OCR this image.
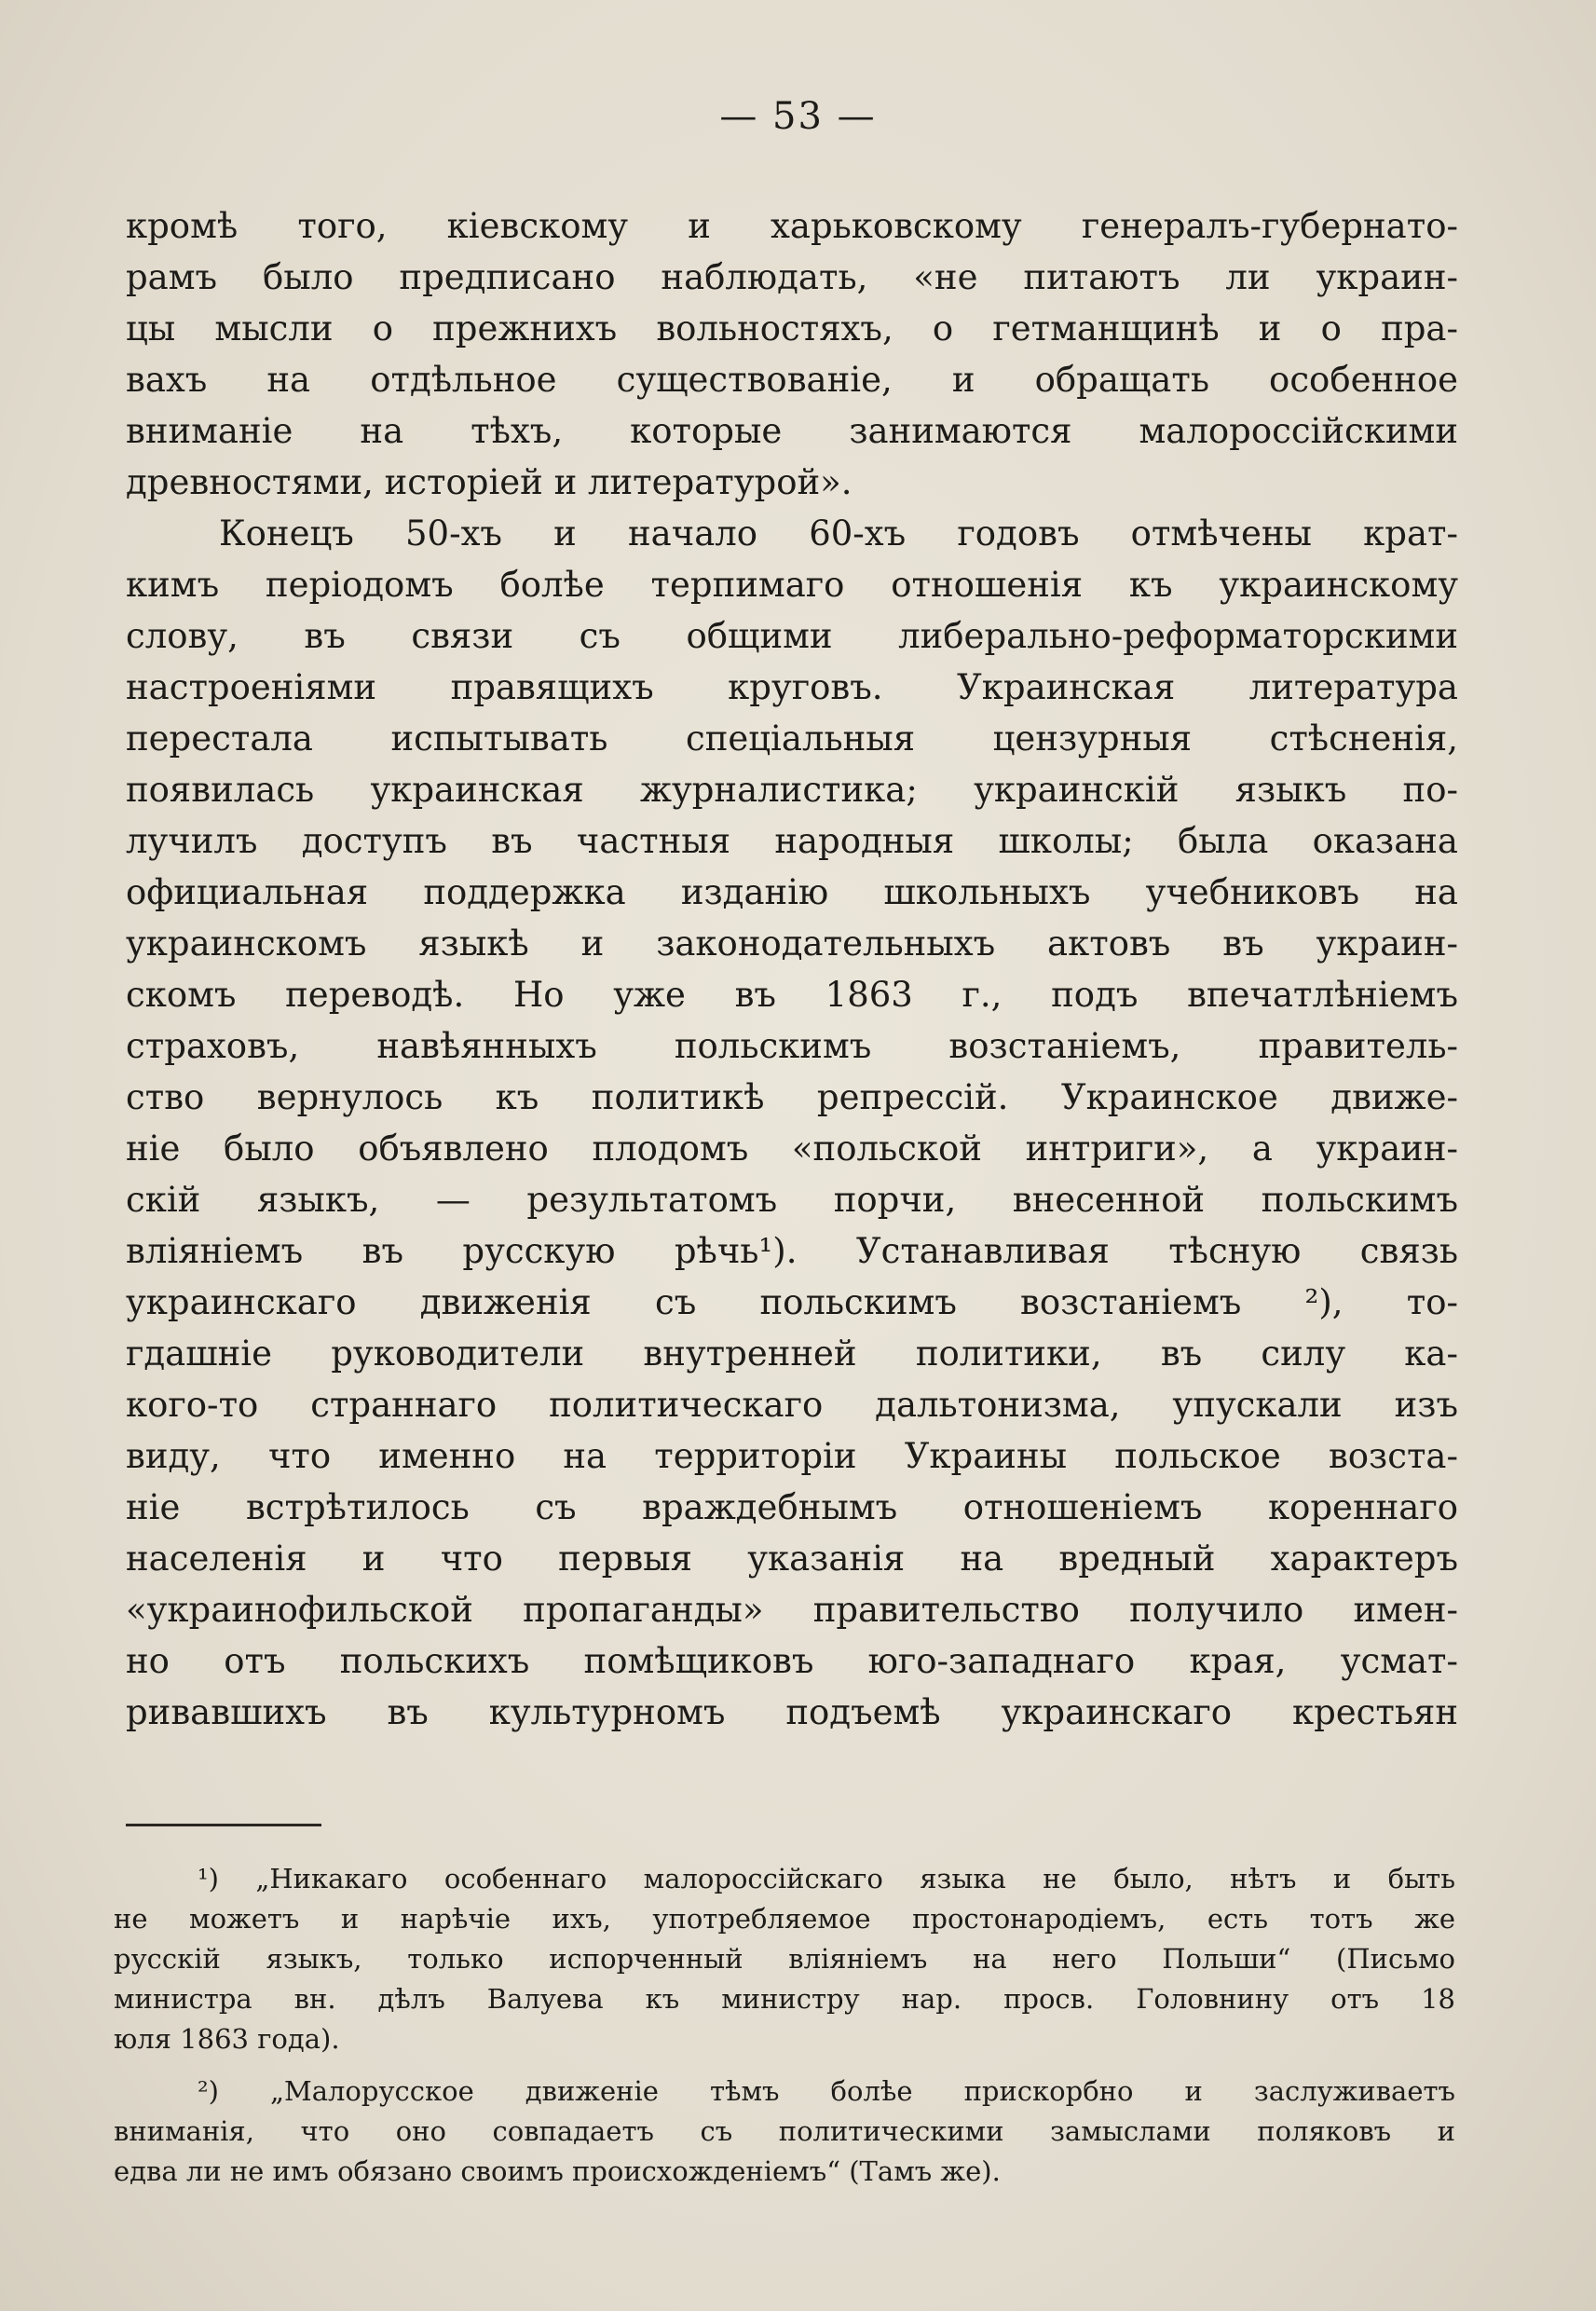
— 53 —
кромѣ того, кіевскому и харьковскому генералъ-губернато-
рамъ было предписано наблюдать, «не питаютъ ли украин-
цы мысли о прежнихъ вольностяхъ, о гетманщинѣ и о пра-
вахъ на отдѣльное существованіе, и обращать особенное
вниманіе на тѣхъ, которые занимаются малороссійскими
древностями, исторіей и литературой».
Конецъ 50-хъ и начало 60-хъ годовъ отмѣчены крат-
кимъ періодомъ болѣе терпимаго отношенія къ украинскому
слову, въ связи съ общими либерально-реформаторскими
настроеніями правящихъ круговъ. Украинская литература
перестала испытывать спеціальныя цензурныя стѣсненія,
появилась украинская журналистика; украинскій языкъ по-
лучилъ доступъ въ частныя народныя школы; была оказана
официальная поддержка изданію школьныхъ учебниковъ на
украинскомъ языкѣ и законодательныхъ актовъ въ украин-
скомъ переводѣ. Но уже въ 1863 г., подъ впечатлѣніемъ
страховъ, навѣянныхъ польскимъ возстаніемъ, правитель-
ство вернулось къ политикѣ репрессій. Украинское движе-
ніе было объявлено плодомъ «польской интриги», а украин-
скій языкъ, — результатомъ порчи, внесенной польскимъ
вліяніемъ въ русскую рѣчь¹). Устанавливая тѣсную связь
украинскаго движенія съ польскимъ возстаніемъ ²), то-
гдашніе руководители внутренней политики, въ силу ка-
кого-то страннаго политическаго дальтонизма, упускали изъ
виду, что именно на территоріи Украины польское возста-
ніе встрѣтилось съ враждебнымъ отношеніемъ кореннаго
населенія и что первыя указанія на вредный характеръ
«украинофильской пропаганды» правительство получило имен-
но отъ польскихъ помѣщиковъ юго-западнаго края, усмат-
ривавшихъ въ культурномъ подъемѣ украинскаго крестьян
¹) „Никакаго особеннаго малороссійскаго языка не было, нѣтъ и быть
не можетъ и нарѣчіе ихъ, употребляемое простонародіемъ, есть тотъ же
русскій языкъ, только испорченный вліяніемъ на него Польши“ (Письмо
министра вн. дѣлъ Валуева къ министру нар. просв. Головнину отъ 18
юля 1863 года).
²) „Малорусское движеніе тѣмъ болѣе прискорбно и заслуживаетъ
вниманія, что оно совпадаетъ съ политическими замыслами поляковъ и
едва ли не имъ обязано своимъ происхожденіемъ“ (Тамъ же).
